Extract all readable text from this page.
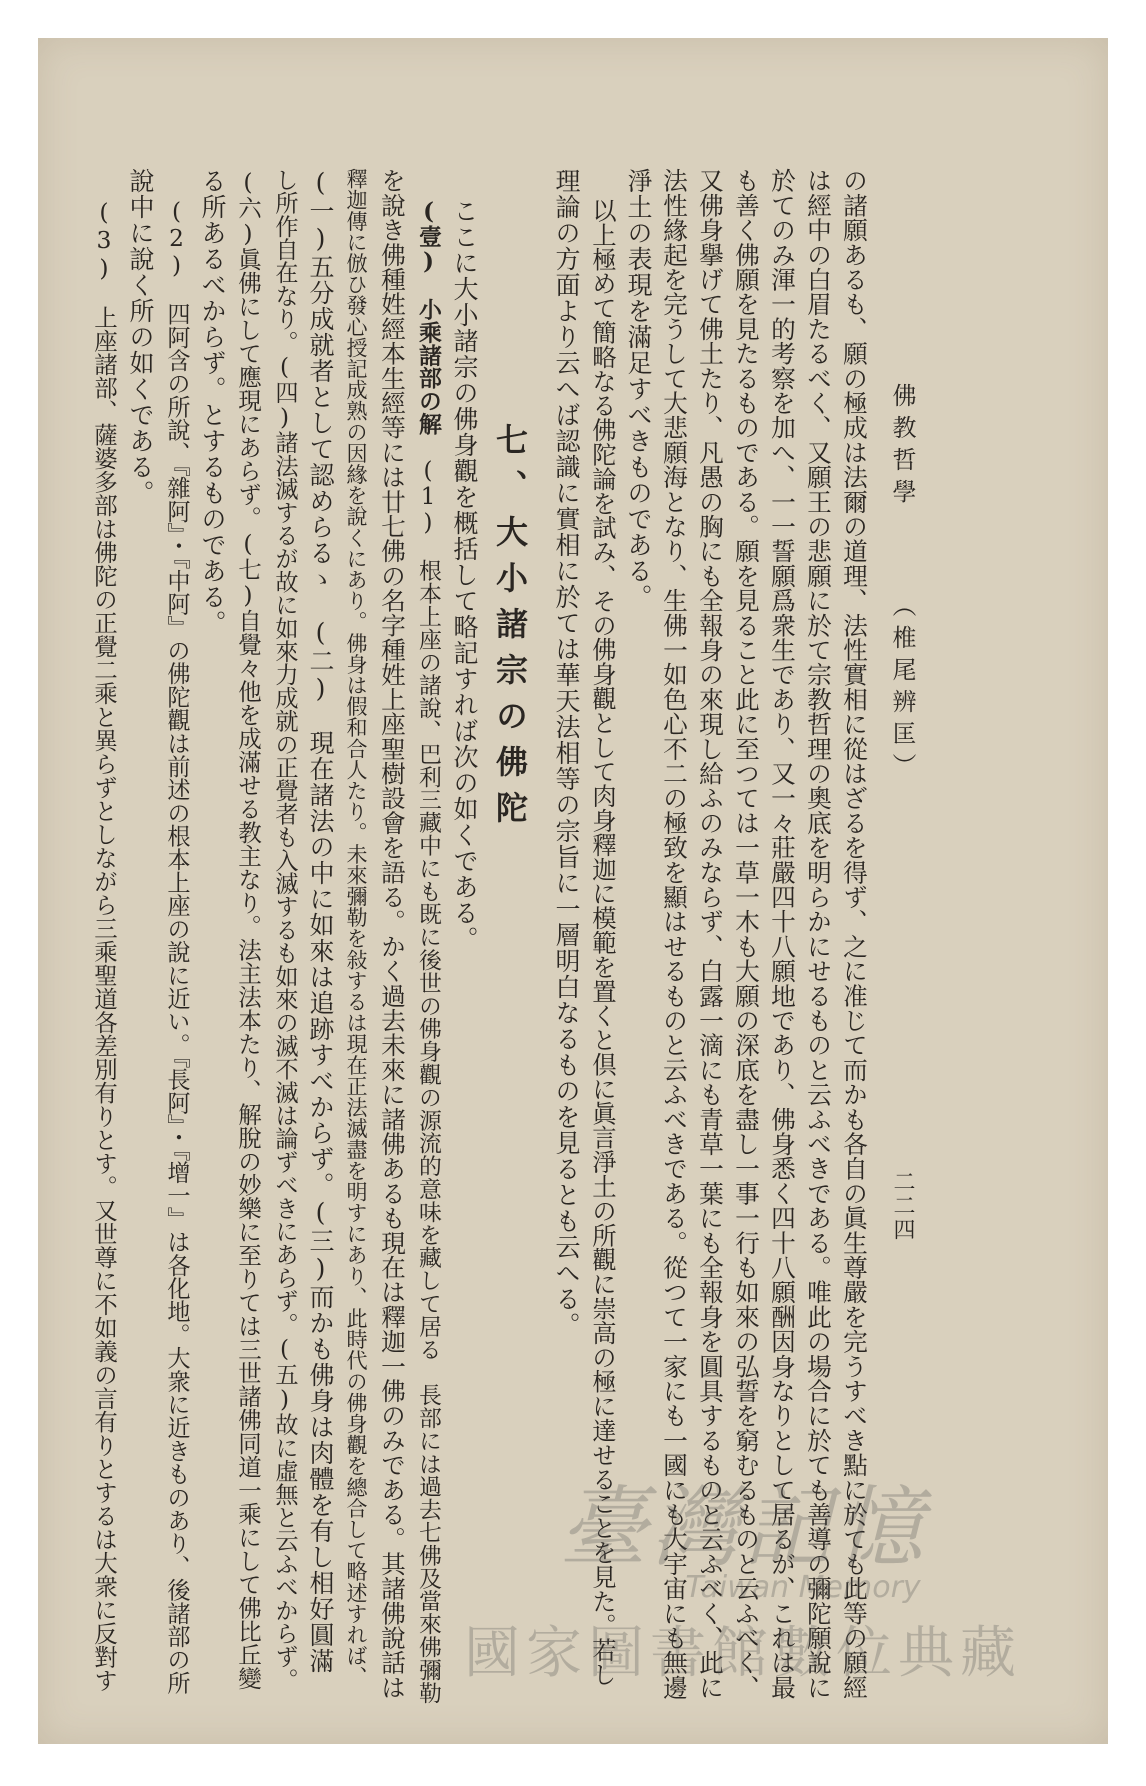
佛教哲學
（椎尾辨匡）
二二四
の諸願あるも、願の極成は法爾の道理、法性實相に從はざるを得ず、之に准じて而かも各自の眞生尊嚴を完うすべき點に於ても此等の願經
は經中の白眉たるべく、又願王の悲願に於て宗教哲理の奧底を明らかにせるものと云ふべきである。唯此の場合に於ても善導の彌陀願說に
於てのみ渾一的考察を加へ、一一誓願爲衆生であり、又一々莊嚴四十八願地であり、佛身悉く四十八願酬因身なりとして居るが、これは最
も善く佛願を見たるものである。願を見ること此に至つては一草一木も大願の深底を盡し一事一行も如來の弘誓を窮むるものと云ふべく、
又佛身擧げて佛土たり、凡愚の胸にも全報身の來現し給ふのみならず、白露一滴にも青草一葉にも全報身を圓具するものと云ふべく、此に
法性緣起を完うして大悲願海となり、生佛一如色心不二の極致を顯はせるものと云ふべきである。從つて一家にも一國にも大宇宙にも無邊
淨土の表現を滿足すべきものである。
以上極めて簡略なる佛陀論を試み、その佛身觀として肉身釋迦に模範を置くと倶に眞言淨土の所觀に崇高の極に達せることを見た。若し
理論の方面より云へば認識に實相に於ては華天法相等の宗旨に一層明白なるものを見るとも云へる。
七、大小諸宗の佛陀
ここに大小諸宗の佛身觀を概括して略記すれば次の如くである。
(壹)　小乘諸部の解　(1)　根本上座の諸說、巴利三藏中にも既に後世の佛身觀の源流的意味を藏して居る　長部には過去七佛及當來佛彌勒
を說き佛種姓經本生經等には廿七佛の名字種姓上座聖樹設會を語る。かく過去未來に諸佛あるも現在は釋迦一佛のみである。其諸佛說話は
釋迦傳に倣ひ發心授記成熟の因緣を說くにあり。佛身は假和合人たり。未來彌勒を敍するは現在正法滅盡を明すにあり、此時代の佛身觀を總合して略述すれば、
(一)五分成就者として認めらるゝ　(二)　現在諸法の中に如來は追跡すべからず。(三)而かも佛身は肉體を有し相好圓滿
し所作自在なり。(四)諸法滅するが故に如來力成就の正覺者も入滅するも如來の滅不滅は論ずべきにあらず。(五)故に虛無と云ふべからず。
(六)眞佛にして應現にあらず。(七)自覺々他を成滿せる教主なり。法主法本たり、解脫の妙樂に至りては三世諸佛同道一乘にして佛比丘變
る所あるべからず。とするものである。
(2)　四阿含の所說、『雜阿』・『中阿』の佛陀觀は前述の根本上座の說に近い。『長阿』・『增一』は各化地。大衆に近きものあり、後諸部の所
說中に說く所の如くである。
(3)　上座諸部、薩婆多部は佛陀の正覺二乘と異らずとしながら三乘聖道各差別有りとす。又世尊に不如義の言有りとするは大衆に反對す	臺灣記憶
Taiwan Memory
國家圖書館數位典藏
